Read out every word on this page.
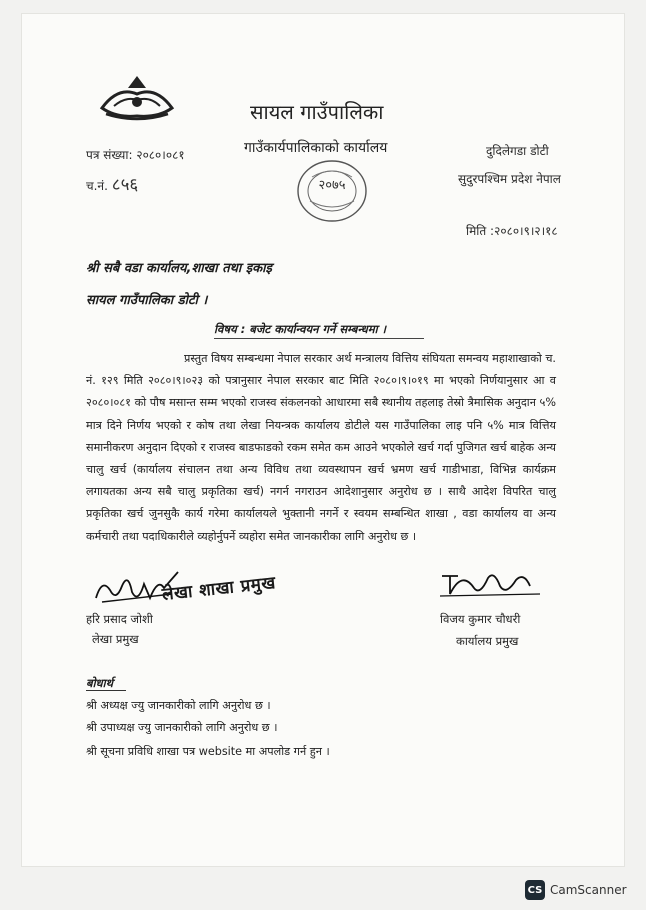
सायल गाउँपालिका
गाउँकार्यपालिकाको कार्यालय
पत्र संख्या: २०८०।०८१
च.नं. ८५६
दुदिलेगडा डोटी
सुदुरपश्चिम प्रदेश नेपाल
मिति :२०८०।९।२।१८
२०७५
श्री सबै वडा कार्यालय,शाखा तथा इकाइ
सायल गाउँपालिका डोटी ।
विषय : बजेट कार्यान्वयन गर्ने सम्बन्धमा ।

प्रस्तुत विषय सम्बन्धमा नेपाल सरकार अर्थ मन्त्रालय वित्तिय संघियता समन्वय महाशाखाको च. नं. १२९ मिति २०८०।९।०२३ को पत्रानुसार नेपाल सरकार बाट मिति २०८०।९।०१९ मा भएको निर्णयानुसार आ व २०८०।०८१ को पौष मसान्त सम्म भएको राजस्व संकलनको आधारमा सबै स्थानीय तहलाइ तेस्रो त्रैमासिक अनुदान ५% मात्र दिने निर्णय भएको र कोष तथा लेखा नियन्त्रक कार्यालय डोटीले यस गाउँपालिका लाइ पनि ५% मात्र वित्तिय समानीकरण अनुदान दिएको र राजस्व बाडफाडको रकम समेत कम आउने भएकोले खर्च गर्दा पुजिगत खर्च बाहेक अन्य चालु खर्च (कार्यालय संचालन तथा अन्य विविध तथा व्यवस्थापन खर्च भ्रमण खर्च गाडीभाडा, विभिन्न कार्यक्रम लगायतका अन्य सबै चालु प्रकृतिका खर्च) नगर्न नगराउन आदेशानुसार अनुरोध छ । साथै आदेश विपरित चालु प्रकृतिका खर्च जुनसुकै कार्य गरेमा कार्यालयले भुक्तानी नगर्ने र स्वयम सम्बन्धित शाखा , वडा कार्यालय वा अन्य कर्मचारी तथा पदाधिकारीले व्यहोर्नुपर्ने व्यहोरा समेत जानकारीका लागि अनुरोध छ ।

हरि प्रसाद जोशी
लेखा प्रमुख
लेखा शाखा प्रमुख
विजय कुमार चौधरी
कार्यालय प्रमुख
बोधार्थ
श्री अध्यक्ष ज्यु जानकारीको लागि अनुरोध छ ।
श्री उपाध्यक्ष ज्यु जानकारीको लागि अनुरोध छ ।
श्री सूचना प्रविधि शाखा पत्र website मा अपलोड गर्न हुन ।
CS CamScanner
